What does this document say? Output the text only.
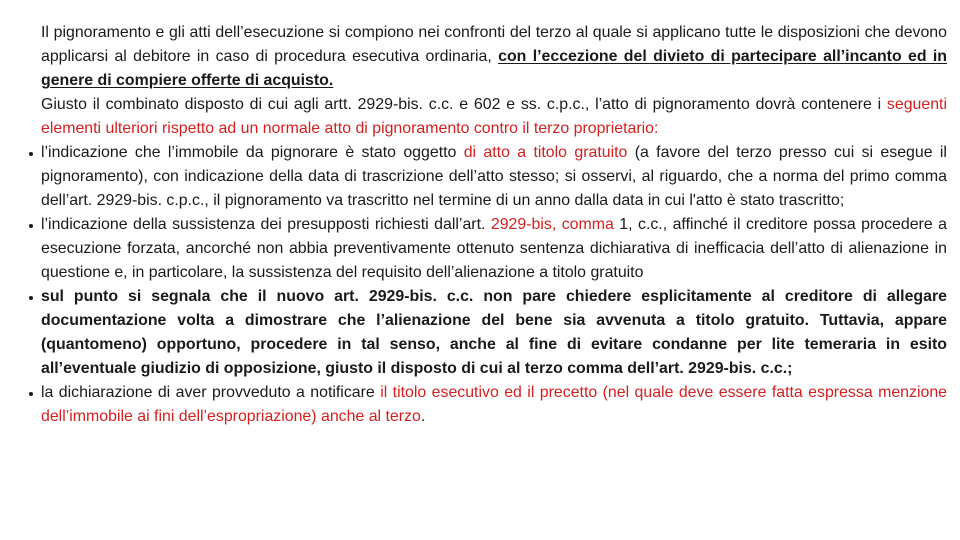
Il pignoramento e gli atti dell’esecuzione si compiono nei confronti del terzo al quale si applicano tutte le disposizioni che devono applicarsi al debitore in caso di procedura esecutiva ordinaria, con l’eccezione del divieto di partecipare all’incanto ed in genere di compiere offerte di acquisto.

Giusto il combinato disposto di cui agli artt. 2929-bis. c.c. e 602 e ss. c.p.c., l’atto di pignoramento dovrà contenere i seguenti elementi ulteriori rispetto ad un normale atto di pignoramento contro il terzo proprietario:

l’indicazione che l’immobile da pignorare è stato oggetto di atto a titolo gratuito (a favore del terzo presso cui si esegue il pignoramento), con indicazione della data di trascrizione dell’atto stesso; si osservi, al riguardo, che a norma del primo comma dell’art. 2929-bis. c.p.c., il pignoramento va trascritto nel termine di un anno dalla data in cui l'atto è stato trascritto;
l’indicazione della sussistenza dei presupposti richiesti dall’art. 2929-bis, comma 1, c.c., affinché il creditore possa procedere a esecuzione forzata, ancorché non abbia preventivamente ottenuto sentenza dichiarativa di inefficacia dell’atto di alienazione in questione e, in particolare, la sussistenza del requisito dell’alienazione a titolo gratuito
sul punto si segnala che il nuovo art. 2929-bis. c.c. non pare chiedere esplicitamente al creditore di allegare documentazione volta a dimostrare che l’alienazione del bene sia avvenuta a titolo gratuito. Tuttavia, appare (quantomeno) opportuno, procedere in tal senso, anche al fine di evitare condanne per lite temeraria in esito all’eventuale giudizio di opposizione, giusto il disposto di cui al terzo comma dell’art. 2929-bis. c.c.;
la dichiarazione di aver provveduto a notificare il titolo esecutivo ed il precetto (nel quale deve essere fatta espressa menzione dell’immobile ai fini dell’espropriazione) anche al terzo.
